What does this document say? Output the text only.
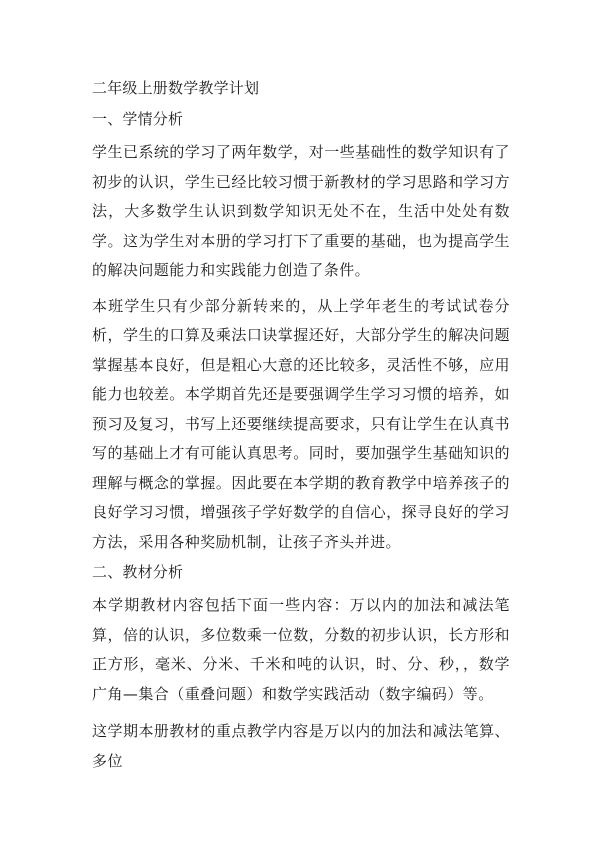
二年级上册数学教学计划
一、学情分析

学生已系统的学习了两年数学，对一些基础性的数学知识有了初步的认识，学生已经比较习惯于新教材的学习思路和学习方法，大多数学生认识到数学知识无处不在，生活中处处有数学。这为学生对本册的学习打下了重要的基础，也为提高学生的解决问题能力和实践能力创造了条件。

本班学生只有少部分新转来的，从上学年老生的考试试卷分析，学生的口算及乘法口诀掌握还好，大部分学生的解决问题掌握基本良好，但是粗心大意的还比较多，灵活性不够，应用能力也较差。本学期首先还是要强调学生学习习惯的培养，如预习及复习，书写上还要继续提高要求，只有让学生在认真书写的基础上才有可能认真思考。同时，要加强学生基础知识的理解与概念的掌握。因此要在本学期的教育教学中培养孩子的良好学习习惯，增强孩子学好数学的自信心，探寻良好的学习方法，采用各种奖励机制，让孩子齐头并进。

二、教材分析

本学期教材内容包括下面一些内容：万以内的加法和减法笔算，倍的认识，多位数乘一位数，分数的初步认识，长方形和正方形，毫米、分米、千米和吨的认识，时、分、秒，，数学广角—集合（重叠问题）和数学实践活动（数字编码）等。

这学期本册教材的重点教学内容是万以内的加法和减法笔算、多位
